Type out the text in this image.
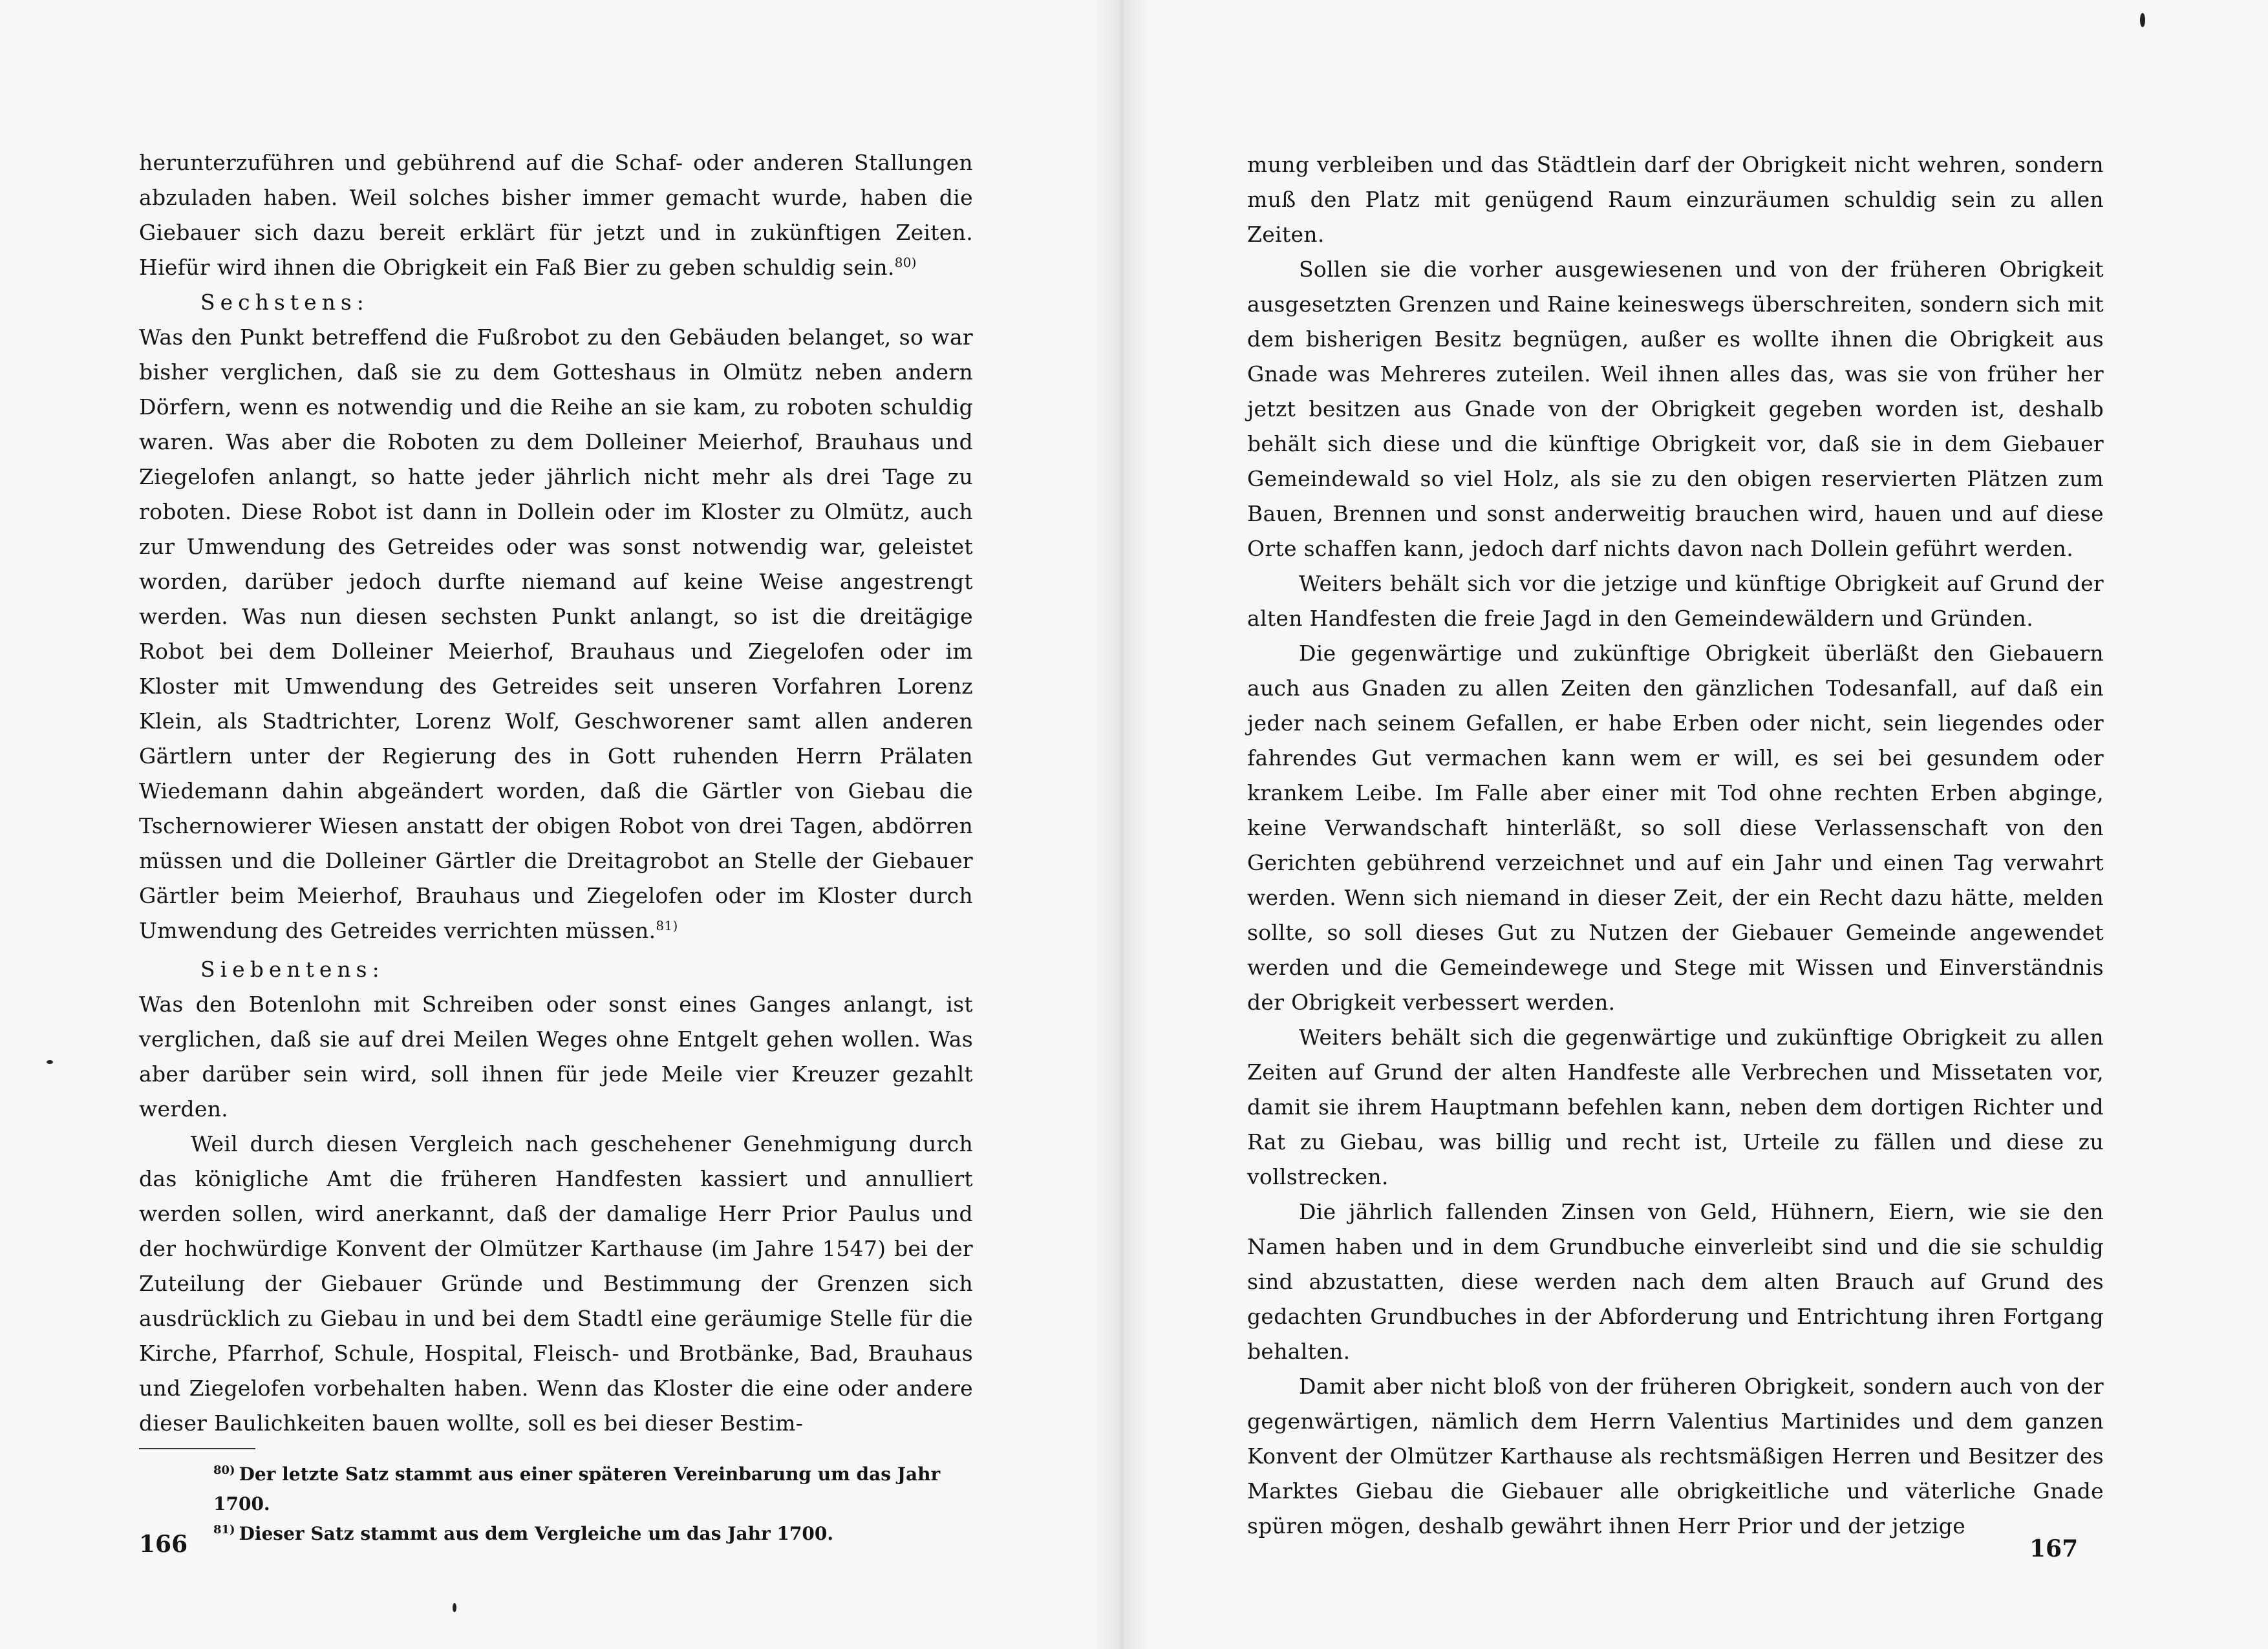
herunterzuführen und gebührend auf die Schaf- oder anderen Stallungen abzuladen haben. Weil solches bisher immer gemacht wurde, haben die Giebauer sich dazu bereit erklärt für jetzt und in zukünftigen Zeiten. Hiefür wird ihnen die Obrigkeit ein Faß Bier zu geben schuldig sein.$^{80)}$

Sechstens:

Was den Punkt betreffend die Fußrobot zu den Gebäuden belanget, so war bisher verglichen, daß sie zu dem Gotteshaus in Olmütz neben andern Dörfern, wenn es notwendig und die Reihe an sie kam, zu roboten schuldig waren. Was aber die Roboten zu dem Dolleiner Meierhof, Brauhaus und Ziegelofen anlangt, so hatte jeder jährlich nicht mehr als drei Tage zu roboten. Diese Robot ist dann in Dollein oder im Kloster zu Olmütz, auch zur Umwendung des Getreides oder was sonst notwendig war, geleistet worden, darüber jedoch durfte niemand auf keine Weise angestrengt werden. Was nun diesen sechsten Punkt anlangt, so ist die dreitägige Robot bei dem Dolleiner Meierhof, Brauhaus und Ziegelofen oder im Kloster mit Umwendung des Getreides seit unseren Vorfahren Lorenz Klein, als Stadtrichter, Lorenz Wolf, Geschworener samt allen anderen Gärtlern unter der Regierung des in Gott ruhenden Herrn Prälaten Wiedemann dahin abgeändert worden, daß die Gärtler von Giebau die Tschernowierer Wiesen anstatt der obigen Robot von drei Tagen, abdörren müssen und die Dolleiner Gärtler die Dreitagrobot an Stelle der Giebauer Gärtler beim Meierhof, Brauhaus und Ziegelofen oder im Kloster durch Umwendung des Getreides verrichten müssen.$^{81)}$

Siebentens:

Was den Botenlohn mit Schreiben oder sonst eines Ganges anlangt, ist verglichen, daß sie auf drei Meilen Weges ohne Entgelt gehen wollen. Was aber darüber sein wird, soll ihnen für jede Meile vier Kreuzer gezahlt werden.

Weil durch diesen Vergleich nach geschehener Genehmigung durch das königliche Amt die früheren Handfesten kassiert und annulliert werden sollen, wird anerkannt, daß der damalige Herr Prior Paulus und der hochwürdige Konvent der Olmützer Karthause (im Jahre 1547) bei der Zuteilung der Giebauer Gründe und Bestimmung der Grenzen sich ausdrücklich zu Giebau in und bei dem Stadtl eine geräumige Stelle für die Kirche, Pfarrhof, Schule, Hospital, Fleisch- und Brotbänke, Bad, Brauhaus und Ziegelofen vorbehalten haben. Wenn das Kloster die eine oder andere dieser Baulichkeiten bauen wollte, soll es bei dieser Bestim-

$^{80)}$ Der letzte Satz stammt aus einer späteren Vereinbarung um das Jahr 1700.

$^{81)}$ Dieser Satz stammt aus dem Vergleiche um das Jahr 1700.

166

mung verbleiben und das Städtlein darf der Obrigkeit nicht wehren, sondern muß den Platz mit genügend Raum einzuräumen schuldig sein zu allen Zeiten.

Sollen sie die vorher ausgewiesenen und von der früheren Obrigkeit ausgesetzten Grenzen und Raine keineswegs überschreiten, sondern sich mit dem bisherigen Besitz begnügen, außer es wollte ihnen die Obrigkeit aus Gnade was Mehreres zuteilen. Weil ihnen alles das, was sie von früher her jetzt besitzen aus Gnade von der Obrigkeit gegeben worden ist, deshalb behält sich diese und die künftige Obrigkeit vor, daß sie in dem Giebauer Gemeindewald so viel Holz, als sie zu den obigen reservierten Plätzen zum Bauen, Brennen und sonst anderweitig brauchen wird, hauen und auf diese Orte schaffen kann, jedoch darf nichts davon nach Dollein geführt werden.

Weiters behält sich vor die jetzige und künftige Obrigkeit auf Grund der alten Handfesten die freie Jagd in den Gemeindewäldern und Gründen.

Die gegenwärtige und zukünftige Obrigkeit überläßt den Giebauern auch aus Gnaden zu allen Zeiten den gänzlichen Todesanfall, auf daß ein jeder nach seinem Gefallen, er habe Erben oder nicht, sein liegendes oder fahrendes Gut vermachen kann wem er will, es sei bei gesundem oder krankem Leibe. Im Falle aber einer mit Tod ohne rechten Erben abginge, keine Verwandschaft hinterläßt, so soll diese Verlassenschaft von den Gerichten gebührend verzeichnet und auf ein Jahr und einen Tag verwahrt werden. Wenn sich niemand in dieser Zeit, der ein Recht dazu hätte, melden sollte, so soll dieses Gut zu Nutzen der Giebauer Gemeinde angewendet werden und die Gemeindewege und Stege mit Wissen und Einverständnis der Obrigkeit verbessert werden.

Weiters behält sich die gegenwärtige und zukünftige Obrigkeit zu allen Zeiten auf Grund der alten Handfeste alle Verbrechen und Missetaten vor, damit sie ihrem Hauptmann befehlen kann, neben dem dortigen Richter und Rat zu Giebau, was billig und recht ist, Urteile zu fällen und diese zu vollstrecken.

Die jährlich fallenden Zinsen von Geld, Hühnern, Eiern, wie sie den Namen haben und in dem Grundbuche einverleibt sind und die sie schuldig sind abzustatten, diese werden nach dem alten Brauch auf Grund des gedachten Grundbuches in der Abforderung und Entrichtung ihren Fortgang behalten.

Damit aber nicht bloß von der früheren Obrigkeit, sondern auch von der gegenwärtigen, nämlich dem Herrn Valentius Martinides und dem ganzen Konvent der Olmützer Karthause als rechtsmäßigen Herren und Besitzer des Marktes Giebau die Giebauer alle obrigkeitliche und väterliche Gnade spüren mögen, deshalb gewährt ihnen Herr Prior und der jetzige

167
